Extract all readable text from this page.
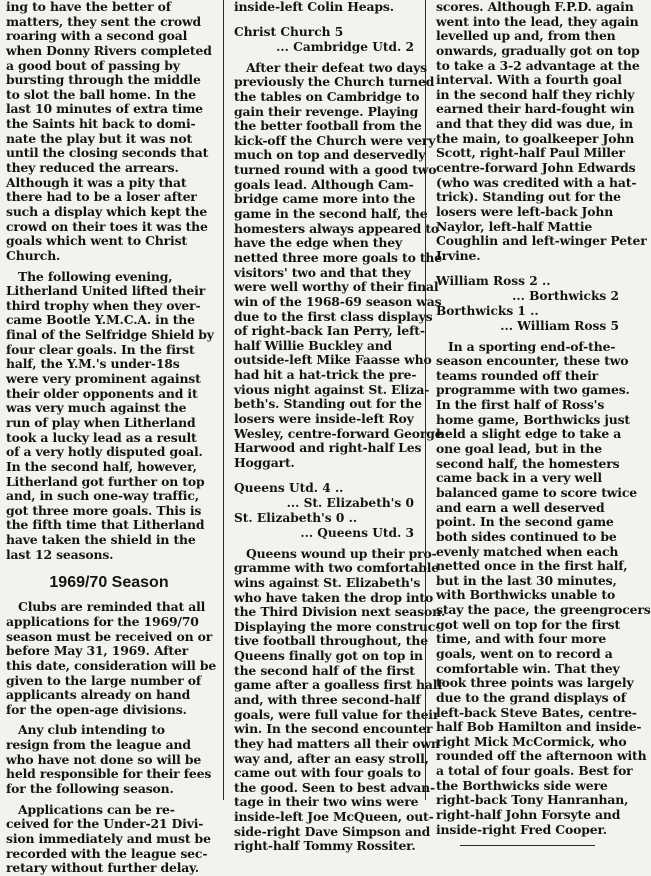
ing to have the better of
matters, they sent the crowd
roaring with a second goal
when Donny Rivers completed
a good bout of passing by
bursting through the middle
to slot the ball home. In the
last 10 minutes of extra time
the Saints hit back to domi-
nate the play but it was not
until the closing seconds that
they reduced the arrears.
Although it was a pity that
there had to be a loser after
such a display which kept the
crowd on their toes it was the
goals which went to Christ
Church.
The following evening,
Litherland United lifted their
third trophy when they over-
came Bootle Y.M.C.A. in the
final of the Selfridge Shield by
four clear goals. In the first
half, the Y.M.'s under-18s
were very prominent against
their older opponents and it
was very much against the
run of play when Litherland
took a lucky lead as a result
of a very hotly disputed goal.
In the second half, however,
Litherland got further on top
and, in such one-way traffic,
got three more goals. This is
the fifth time that Litherland
have taken the shield in the
last 12 seasons.
1969/70 Season
Clubs are reminded that all
applications for the 1969/70
season must be received on or
before May 31, 1969. After
this date, consideration will be
given to the large number of
applicants already on hand
for the open-age divisions.
Any club intending to
resign from the league and
who have not done so will be
held responsible for their fees
for the following season.
Applications can be re-
ceived for the Under-21 Divi-
sion immediately and must be
recorded with the league sec-
retary without further delay.
inside-left Colin Heaps.
Christ Church 5
... Cambridge Utd. 2
After their defeat two days
previously the Church turned
the tables on Cambridge to
gain their revenge. Playing
the better football from the
kick-off the Church were very
much on top and deservedly
turned round with a good two
goals lead. Although Cam-
bridge came more into the
game in the second half, the
homesters always appeared to
have the edge when they
netted three more goals to the
visitors' two and that they
were well worthy of their final
win of the 1968-69 season was
due to the first class displays
of right-back Ian Perry, left-
half Willie Buckley and
outside-left Mike Faasse who
had hit a hat-trick the pre-
vious night against St. Eliza-
beth's. Standing out for the
losers were inside-left Roy
Wesley, centre-forward George
Harwood and right-half Les
Hoggart.
Queens Utd. 4 ..
... St. Elizabeth's 0
St. Elizabeth's 0 ..
... Queens Utd. 3
Queens wound up their pro-
gramme with two comfortable
wins against St. Elizabeth's
who have taken the drop into
the Third Division next season.
Displaying the more construc-
tive football throughout, the
Queens finally got on top in
the second half of the first
game after a goalless first half
and, with three second-half
goals, were full value for their
win. In the second encounter
they had matters all their own
way and, after an easy stroll,
came out with four goals to
the good. Seen to best advan-
tage in their two wins were
inside-left Joe McQueen, out-
side-right Dave Simpson and
right-half Tommy Rossiter.
scores. Although F.P.D. again
went into the lead, they again
levelled up and, from then
onwards, gradually got on top
to take a 3-2 advantage at the
interval. With a fourth goal
in the second half they richly
earned their hard-fought win
and that they did was due, in
the main, to goalkeeper John
Scott, right-half Paul Miller
centre-forward John Edwards
(who was credited with a hat-
trick). Standing out for the
losers were left-back John
Naylor, left-half Mattie
Coughlin and left-winger Peter
Irvine.
William Ross 2 ..
... Borthwicks 2
Borthwicks 1 ..
... William Ross 5
In a sporting end-of-the-
season encounter, these two
teams rounded off their
programme with two games.
In the first half of Ross's
home game, Borthwicks just
held a slight edge to take a
one goal lead, but in the
second half, the homesters
came back in a very well
balanced game to score twice
and earn a well deserved
point. In the second game
both sides continued to be
evenly matched when each
netted once in the first half,
but in the last 30 minutes,
with Borthwicks unable to
stay the pace, the greengrocers
got well on top for the first
time, and with four more
goals, went on to record a
comfortable win. That they
took three points was largely
due to the grand displays of
left-back Steve Bates, centre-
half Bob Hamilton and inside-
right Mick McCormick, who
rounded off the afternoon with
a total of four goals. Best for
the Borthwicks side were
right-back Tony Hanranhan,
right-half John Forsyte and
inside-right Fred Cooper.
